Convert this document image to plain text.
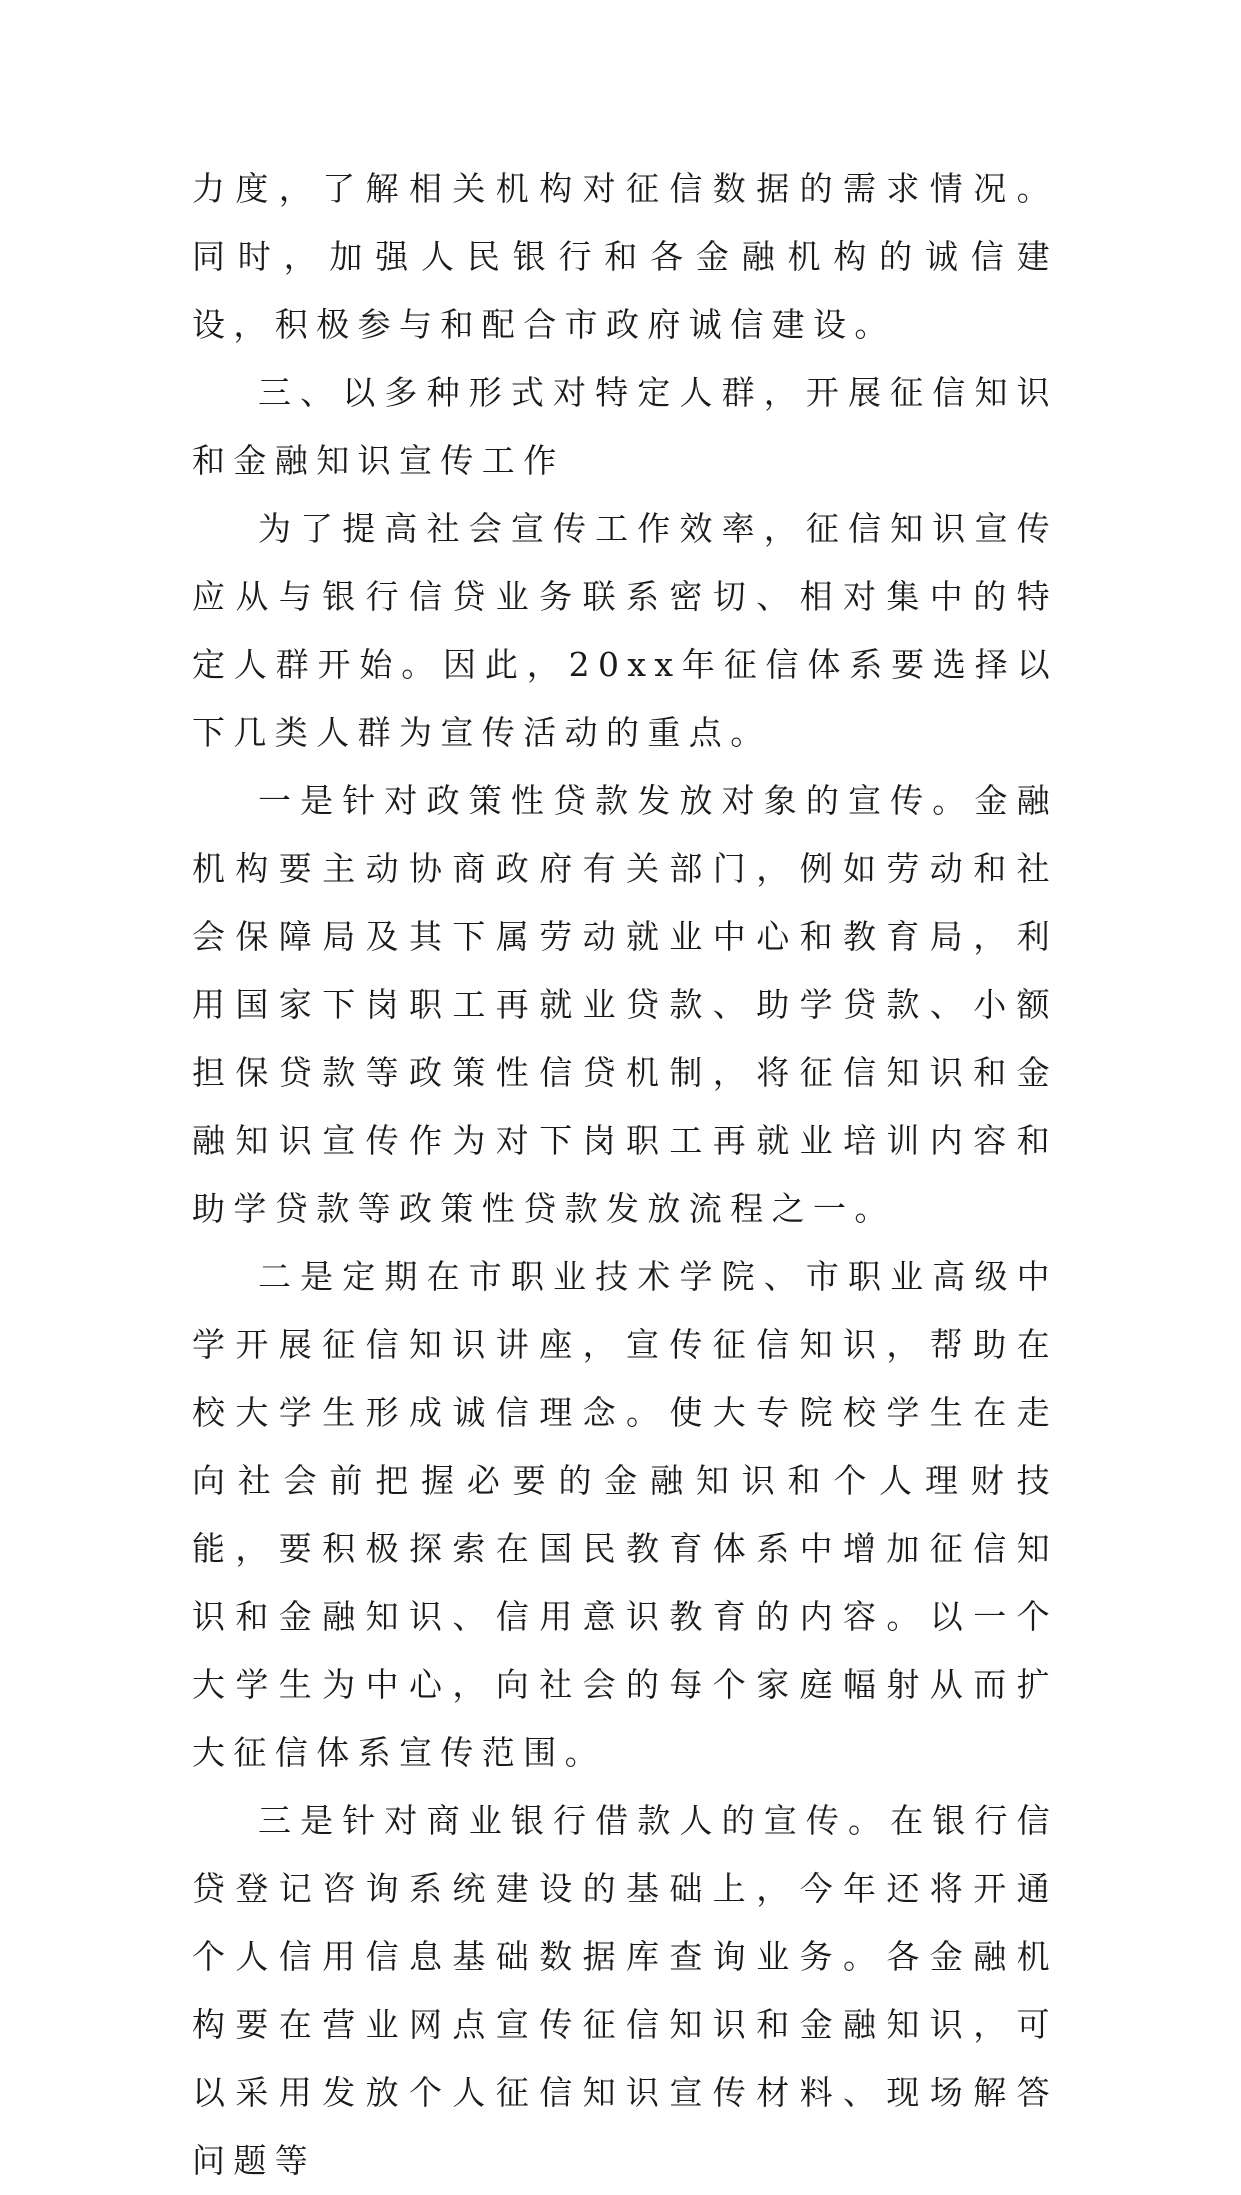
力度，了解相关机构对征信数据的需求情况。同时，加强人民银行和各金融机构的诚信建设，积极参与和配合市政府诚信建设。

三、以多种形式对特定人群，开展征信知识和金融知识宣传工作

为了提高社会宣传工作效率，征信知识宣传应从与银行信贷业务联系密切、相对集中的特定人群开始。因此，20xx年征信体系要选择以下几类人群为宣传活动的重点。

一是针对政策性贷款发放对象的宣传。金融机构要主动协商政府有关部门，例如劳动和社会保障局及其下属劳动就业中心和教育局，利用国家下岗职工再就业贷款、助学贷款、小额担保贷款等政策性信贷机制，将征信知识和金融知识宣传作为对下岗职工再就业培训内容和助学贷款等政策性贷款发放流程之一。

二是定期在市职业技术学院、市职业高级中学开展征信知识讲座，宣传征信知识，帮助在校大学生形成诚信理念。使大专院校学生在走向社会前把握必要的金融知识和个人理财技能，要积极探索在国民教育体系中增加征信知识和金融知识、信用意识教育的内容。以一个大学生为中心，向社会的每个家庭幅射从而扩大征信体系宣传范围。

三是针对商业银行借款人的宣传。在银行信贷登记咨询系统建设的基础上，今年还将开通个人信用信息基础数据库查询业务。各金融机构要在营业网点宣传征信知识和金融知识，可以采用发放个人征信知识宣传材料、现场解答问题等
